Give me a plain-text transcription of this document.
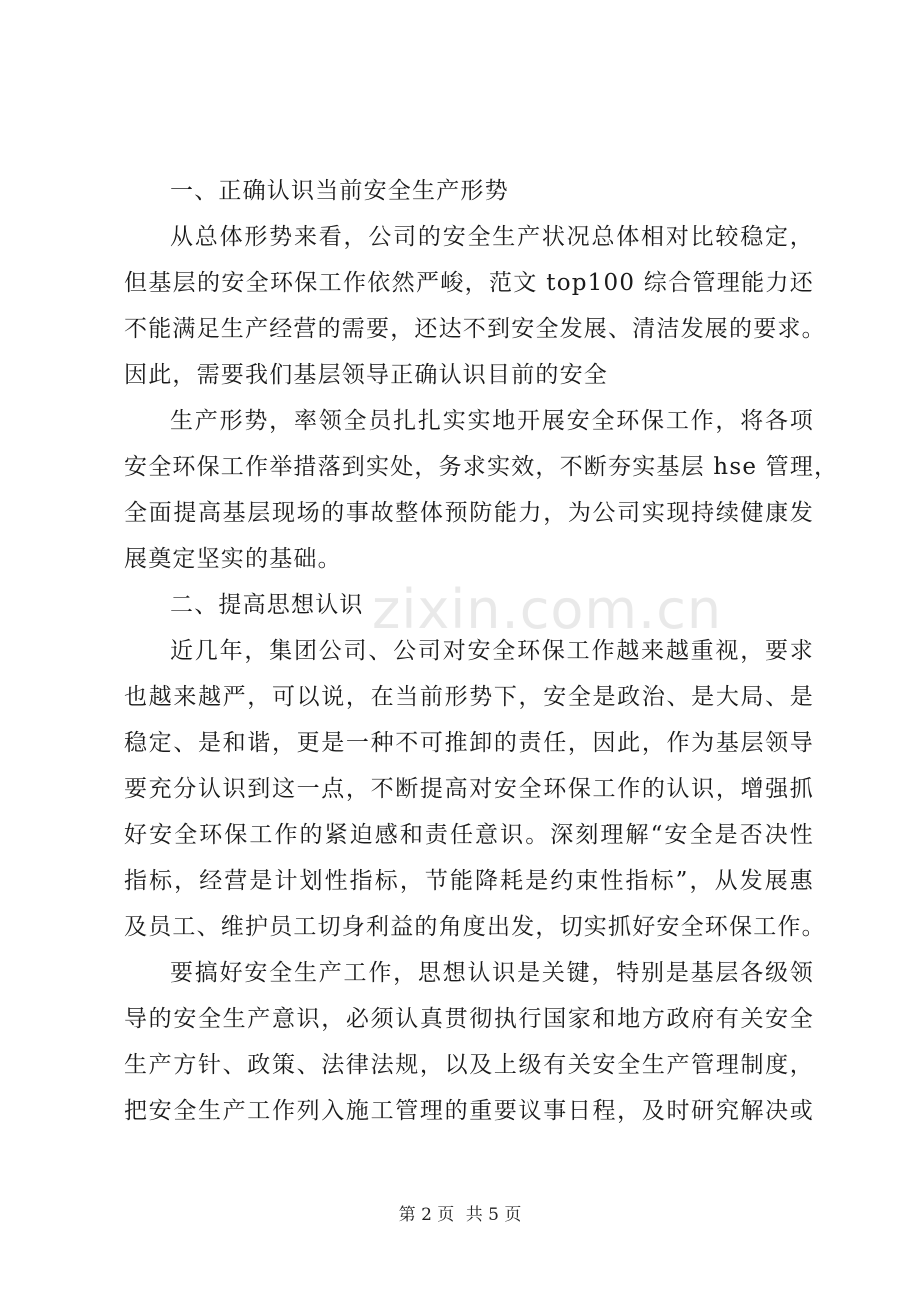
一、正确认识当前安全生产形势
从总体形势来看，公司的安全生产状况总体相对比较稳定，
但基层的安全环保工作依然严峻，范文 top100 综合管理能力还
不能满足生产经营的需要，还达不到安全发展、清洁发展的要求。
因此，需要我们基层领导正确认识目前的安全
生产形势，率领全员扎扎实实地开展安全环保工作，将各项
安全环保工作举措落到实处，务求实效，不断夯实基层 hse 管理，
全面提高基层现场的事故整体预防能力，为公司实现持续健康发
展奠定坚实的基础。
二、提高思想认识
近几年，集团公司、公司对安全环保工作越来越重视，要求
也越来越严，可以说，在当前形势下，安全是政治、是大局、是
稳定、是和谐，更是一种不可推卸的责任，因此，作为基层领导
要充分认识到这一点，不断提高对安全环保工作的认识，增强抓
好安全环保工作的紧迫感和责任意识。深刻理解“安全是否决性
指标，经营是计划性指标，节能降耗是约束性指标”，从发展惠
及员工、维护员工切身利益的角度出发，切实抓好安全环保工作。
要搞好安全生产工作，思想认识是关键，特别是基层各级领
导的安全生产意识，必须认真贯彻执行国家和地方政府有关安全
生产方针、政策、法律法规，以及上级有关安全生产管理制度，
把安全生产工作列入施工管理的重要议事日程，及时研究解决或
zixin.com.cn
第 2 页 共 5 页
